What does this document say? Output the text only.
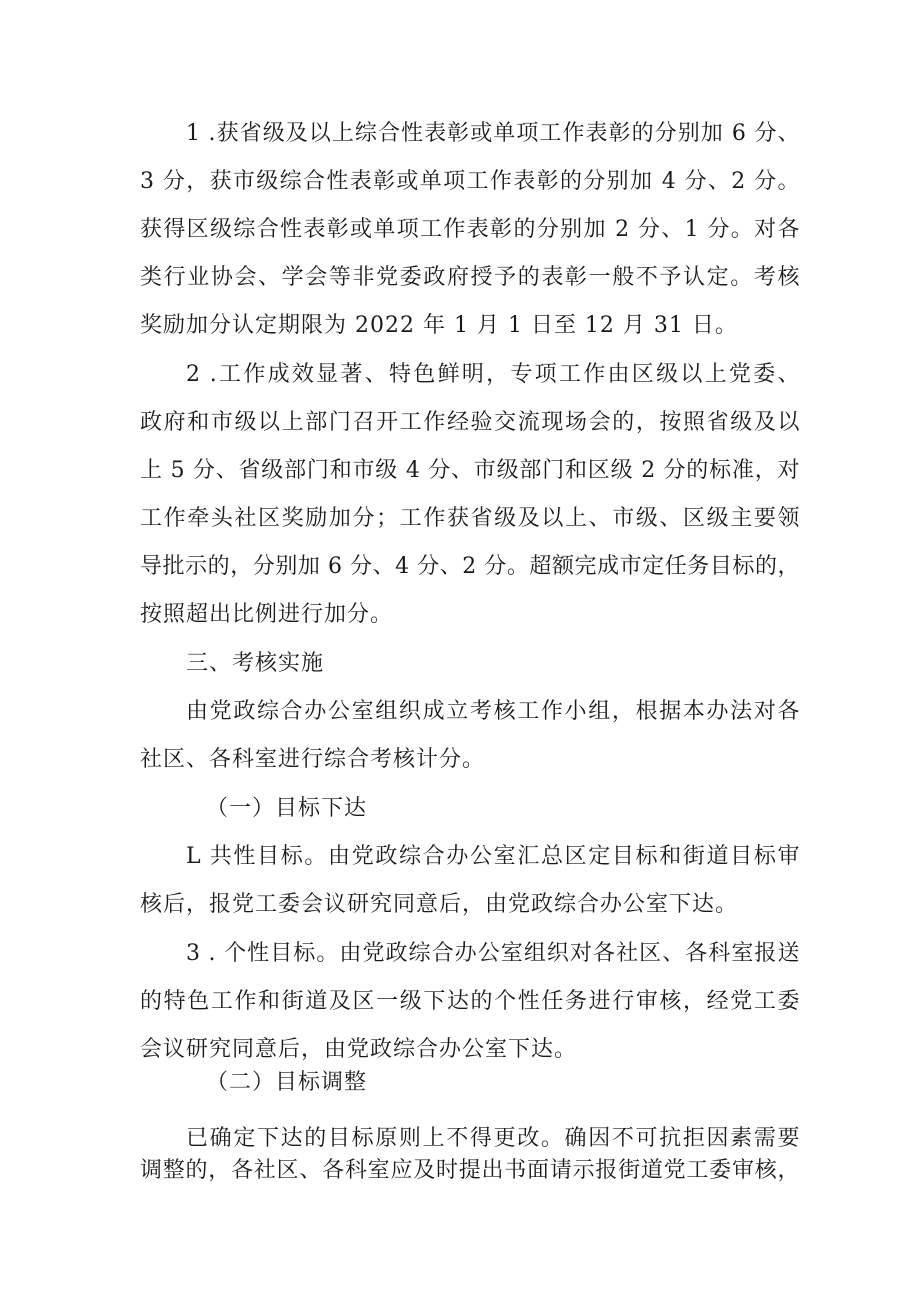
1 .获省级及以上综合性表彰或单项工作表彰的分别加 6 分、
3 分，获市级综合性表彰或单项工作表彰的分别加 4 分、2 分。
获得区级综合性表彰或单项工作表彰的分别加 2 分、1 分。对各
类行业协会、学会等非党委政府授予的表彰一般不予认定。考核
奖励加分认定期限为 2022 年 1 月 1 日至 12 月 31 日。
2 .工作成效显著、特色鲜明，专项工作由区级以上党委、
政府和市级以上部门召开工作经验交流现场会的，按照省级及以
上 5 分、省级部门和市级 4 分、市级部门和区级 2 分的标准，对
工作牵头社区奖励加分；工作获省级及以上、市级、区级主要领
导批示的，分别加 6 分、4 分、2 分。超额完成市定任务目标的，
按照超出比例进行加分。
三、考核实施
由党政综合办公室组织成立考核工作小组，根据本办法对各
社区、各科室进行综合考核计分。
（一）目标下达
L 共性目标。由党政综合办公室汇总区定目标和街道目标审
核后，报党工委会议研究同意后，由党政综合办公室下达。
3 . 个性目标。由党政综合办公室组织对各社区、各科室报送
的特色工作和街道及区一级下达的个性任务进行审核，经党工委
会议研究同意后，由党政综合办公室下达。
（二）目标调整
已确定下达的目标原则上不得更改。确因不可抗拒因素需要
调整的，各社区、各科室应及时提出书面请示报街道党工委审核，
